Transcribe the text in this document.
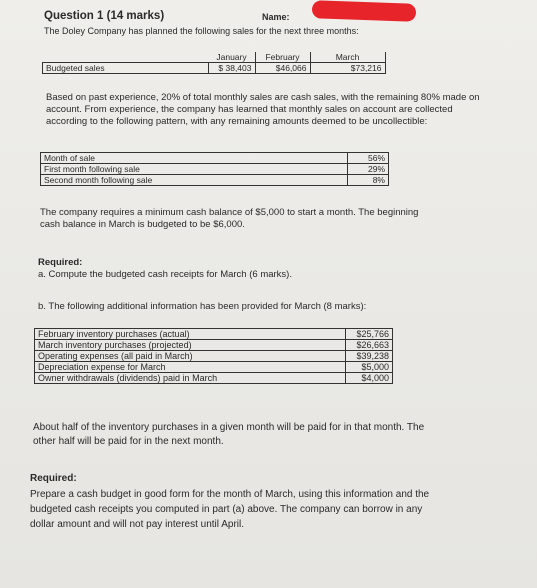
Question 1 (14 marks)	Name:
The Doley Company has planned the following sales for the next three months:
	January	February	March
Budgeted sales	$ 38,403	$46,066	$73,216

Based on past experience, 20% of total monthly sales are cash sales, with the remaining 80% made on
account. From experience, the company has learned that monthly sales on account are collected
according to the following pattern, with any remaining amounts deemed to be uncollectible:

Month of sale	56%
First month following sale	29%
Second month following sale	8%

The company requires a minimum cash balance of $5,000 to start a month. The beginning
cash balance in March is budgeted to be $6,000.

Required:
a. Compute the budgeted cash receipts for March (6 marks).
b. The following additional information has been provided for March (8 marks):
February inventory purchases (actual)	$25,766
March inventory purchases (projected)	$26,663
Operating expenses (all paid in March)	$39,238
Depreciation expense for March	$5,000
Owner withdrawals (dividends) paid in March	$4,000

About half of the inventory purchases in a given month will be paid for in that month. The
other half will be paid for in the next month.

Required:

Prepare a cash budget in good form for the month of March, using this information and the
budgeted cash receipts you computed in part (a) above. The company can borrow in any
dollar amount and will not pay interest until April.
